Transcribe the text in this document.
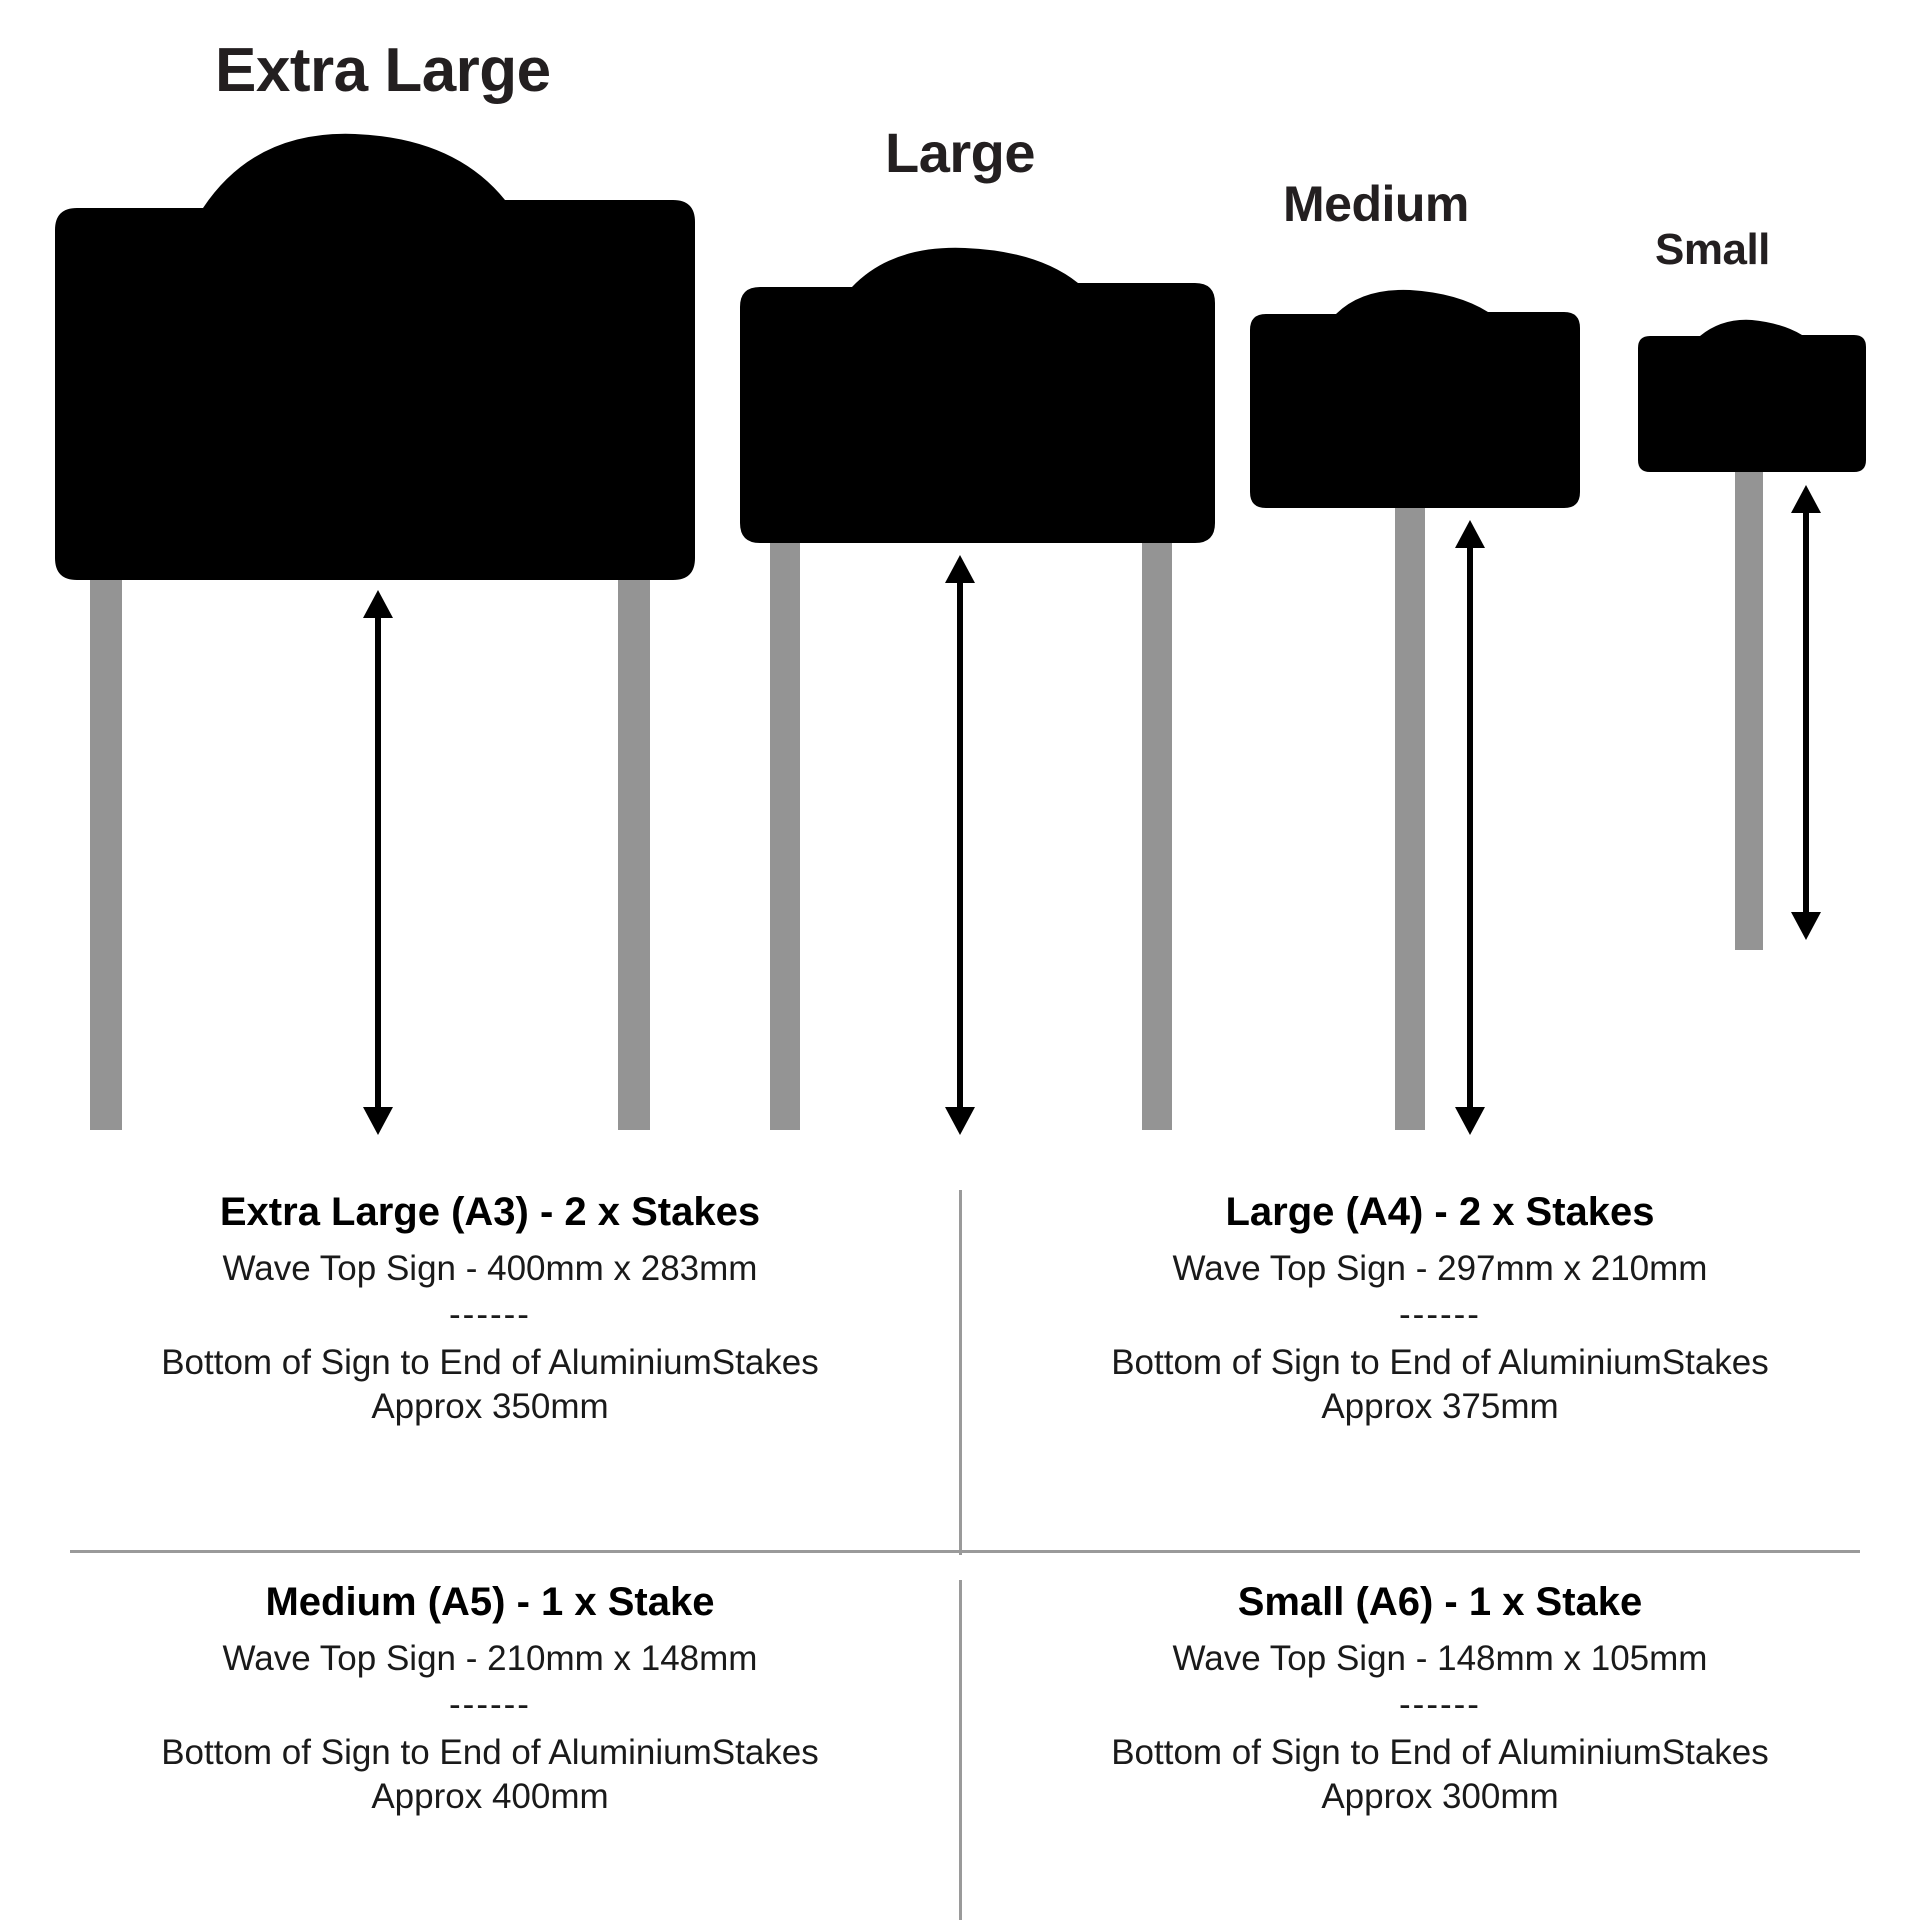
Extra Large
Large
Medium
Small

Extra Large (A3) - 2 x Stakes

Wave Top Sign - 400mm x 283mm

------

Bottom of Sign to End of AluminiumStakes

Approx 350mm

Large (A4) - 2 x Stakes

Wave Top Sign - 297mm x 210mm

------

Bottom of Sign to End of AluminiumStakes

Approx 375mm

Medium (A5) - 1 x Stake

Wave Top Sign - 210mm x 148mm

------

Bottom of Sign to End of AluminiumStakes

Approx 400mm

Small (A6) - 1 x Stake

Wave Top Sign - 148mm x 105mm

------

Bottom of Sign to End of AluminiumStakes

Approx 300mm
